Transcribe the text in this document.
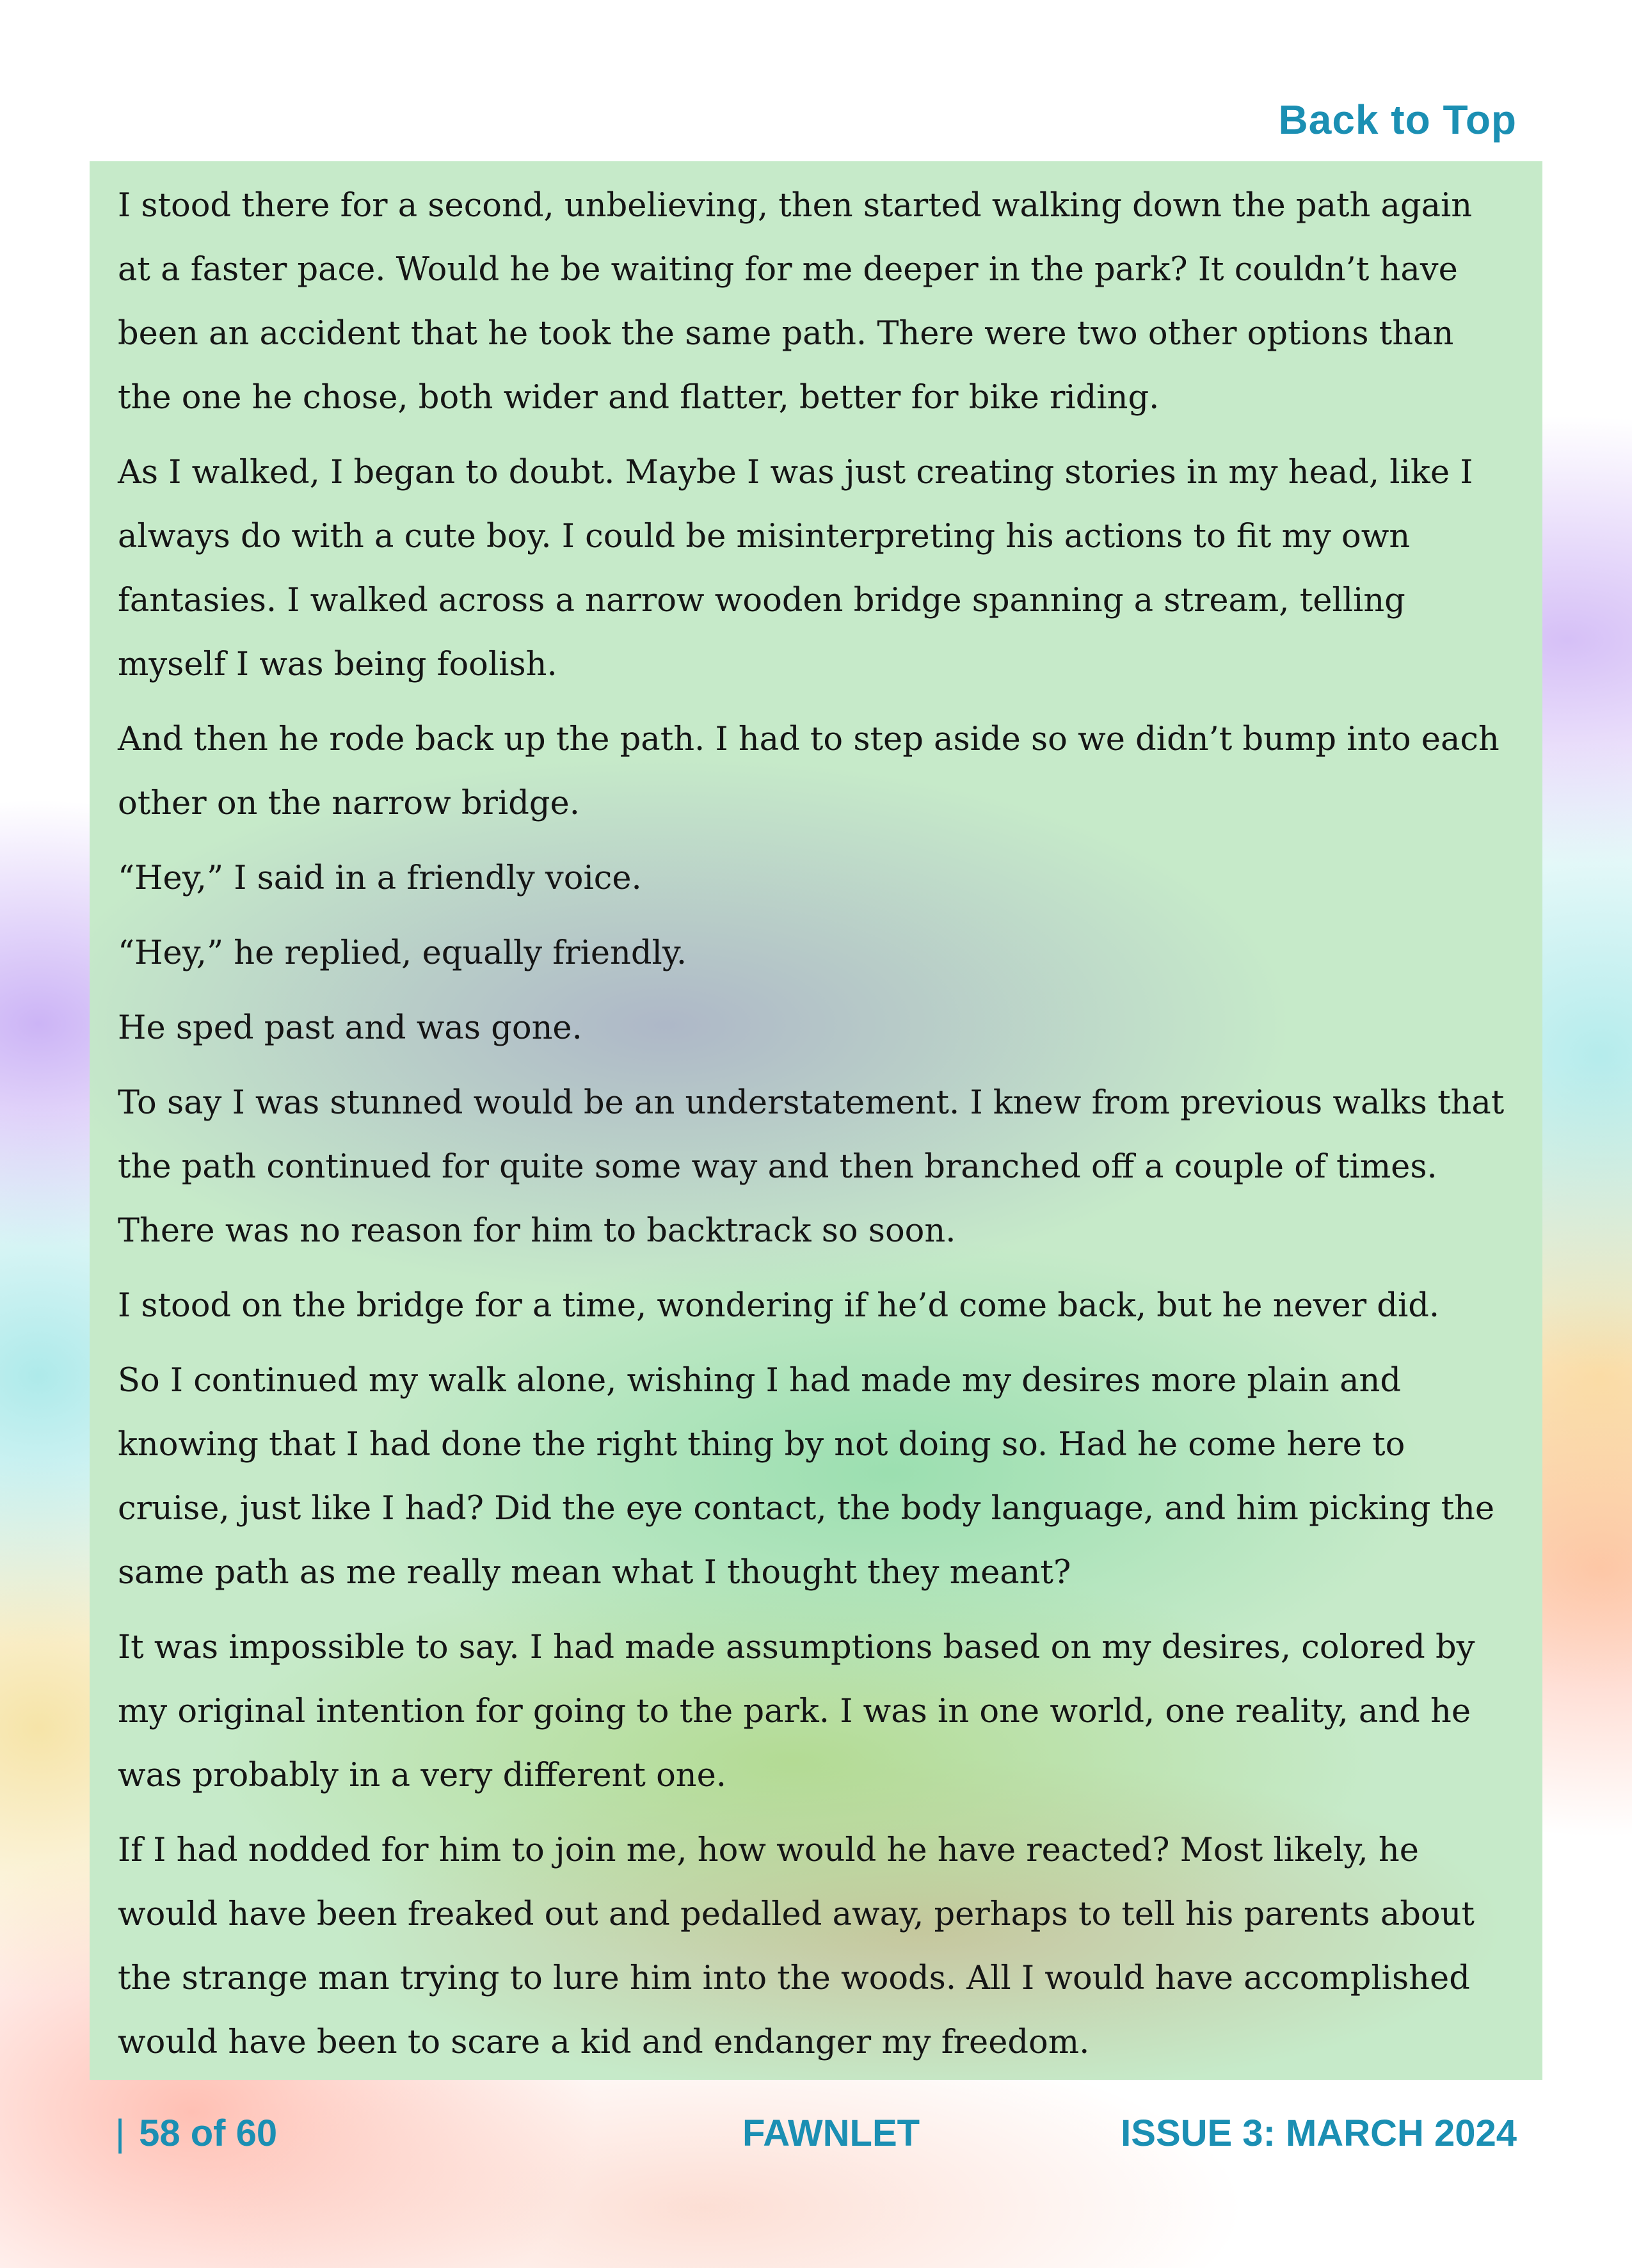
Back to Top

I stood there for a second, unbelieving, then started walking down the path again at a faster pace. Would he be waiting for me deeper in the park? It couldn’t have been an accident that he took the same path. There were two other options than the one he chose, both wider and flatter, better for bike riding.

As I walked, I began to doubt. Maybe I was just creating stories in my head, like I always do with a cute boy. I could be misinterpreting his actions to fit my own fantasies. I walked across a narrow wooden bridge spanning a stream, telling myself I was being foolish.

And then he rode back up the path. I had to step aside so we didn’t bump into each other on the narrow bridge.

“Hey,” I said in a friendly voice.

“Hey,” he replied, equally friendly.

He sped past and was gone.

To say I was stunned would be an understatement. I knew from previous walks that the path continued for quite some way and then branched off a couple of times. There was no reason for him to backtrack so soon.

I stood on the bridge for a time, wondering if he’d come back, but he never did.

So I continued my walk alone, wishing I had made my desires more plain and knowing that I had done the right thing by not doing so. Had he come here to cruise, just like I had? Did the eye contact, the body language, and him picking the same path as me really mean what I thought they meant?

It was impossible to say. I had made assumptions based on my desires, colored by my original intention for going to the park. I was in one world, one reality, and he was probably in a very different one.

If I had nodded for him to join me, how would he have reacted? Most likely, he would have been freaked out and pedalled away, perhaps to tell his parents about the strange man trying to lure him into the woods. All I would have accomplished would have been to scare a kid and endanger my freedom.

| 58 of 60	FAWNLET	ISSUE 3: MARCH 2024
